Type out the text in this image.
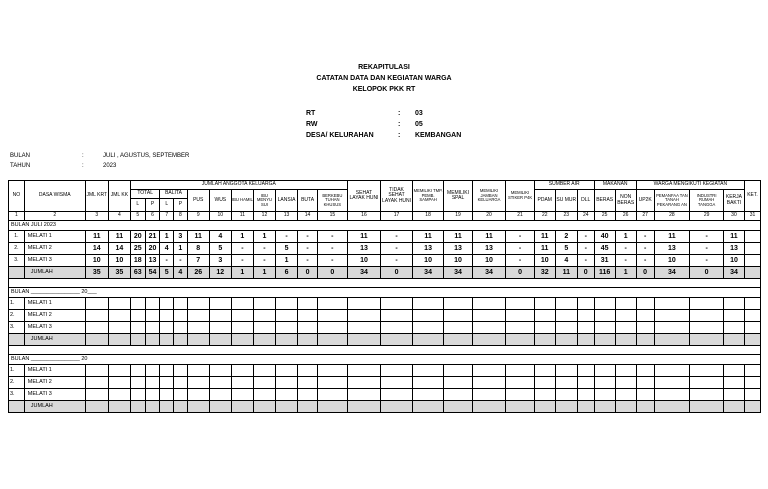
REKAPITULASI
CATATAN DATA DAN KEGIATAN WARGA
KELOPOK PKK RT
RT	: 03
RW	: 05
DESA/ KELURAHAN	: KEMBANGAN
BULAN	:	JULI , AGUSTUS, SEPTEMBER
TAHUN	:	2023
NO	DASA WISMA	JML KRT	JML KK	JUMLAH ANGGOTA KELUARGA											SEHAT LAYAK HUNI	TIDAK SEHAT LAYAK HUNI	MEMILIKI TMP. PEMB. SAMPAH	MEMILIKI SPAL	MEMILIKI JAMBAN KELUARGA	MEMILIKI STIKER P4K	SUMBER AIR			MAKANAN		WARGA MENGIKUTI KEGIATAN				KET.
				TOTAL		BALITA		PUS	WUS	IBU HAMIL	IBU MENYU SUI	LANSIA	BUTA	BERKEBU TUHAN KHUSUS							PDAM	SU MUR	DLL	BERAS	NON BERAS	UP2K	PEMANFAA TAN TANAH PEKARANG AN	INDUSTRI RUMAH TANGGA	KERJA BAKTI	
				L	P	L	P																							
1	2	3	4	5	6	7	8	9	10	11	12	13	14	15	16	17	18	19	20	21	22	23	24	25	26	27	28	29	30	31
BULAN JULI 2023																														
1.	MELATI 1	11	11	20	21	1	3	11	4	1	1	-	-	-	11	-	11	11	11	-	11	2	-	40	1	-	11	-	11	
2.	MELATI 2	14	14	25	20	4	1	8	5	-	-	5	-	-	13	-	13	13	13	-	11	5	-	45	-	-	13	-	13	
3.	MELATI 3	10	10	18	13	-	-	7	3	-	-	1	-	-	10	-	10	10	10	-	10	4	-	31	-	-	10	-	10	
	JUMLAH	35	35	63	54	5	4	26	12	1	1	6	0	0	34	0	34	34	34	0	32	11	0	116	1	0	34	0	34	

BULAN ________________ 20___																														
1.	MELATI 1																													
2.	MELATI 2																													
3.	MELATI 3																													
	JUMLAH																													

BULAN ________________ 20																														
1.	MELATI 1																													
2.	MELATI 2																													
3.	MELATI 3																													
	JUMLAH																													
